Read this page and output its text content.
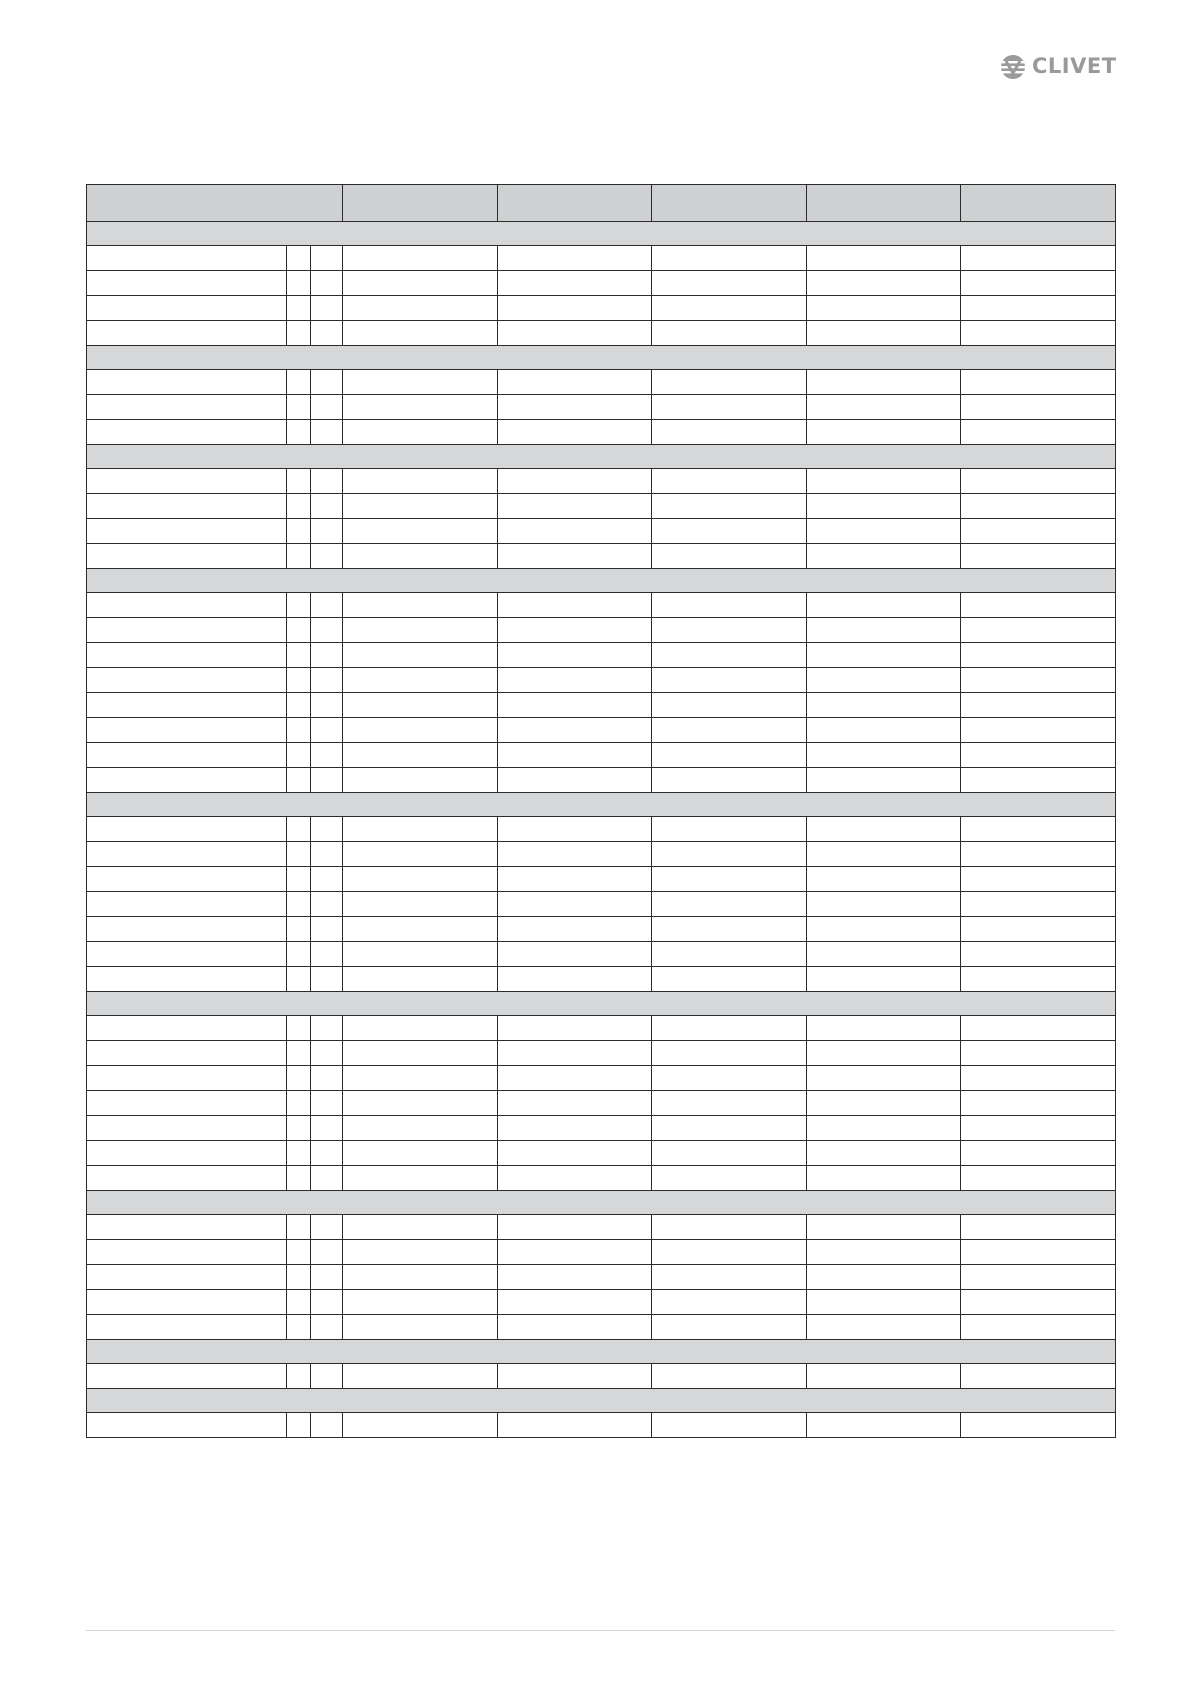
CLIVET
